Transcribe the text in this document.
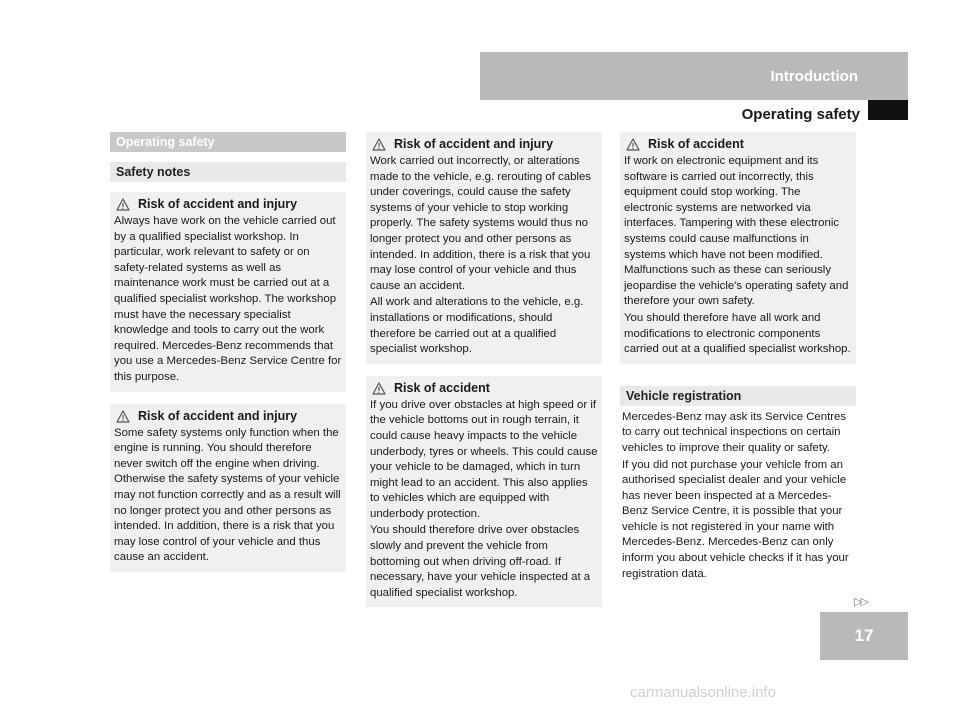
Introduction
Operating safety
Operating safety
Safety notes
Risk of accident and injury

Always have work on the vehicle carried out by a qualified specialist workshop. In particular, work relevant to safety or on safety-related systems as well as maintenance work must be carried out at a qualified specialist workshop. The workshop must have the necessary specialist knowledge and tools to carry out the work required. Mercedes-Benz recommends that you use a Mercedes-Benz Service Centre for this purpose.

Risk of accident and injury

Some safety systems only function when the engine is running. You should therefore never switch off the engine when driving. Otherwise the safety systems of your vehicle may not function correctly and as a result will no longer protect you and other persons as intended. In addition, there is a risk that you may lose control of your vehicle and thus cause an accident.

Risk of accident and injury

Work carried out incorrectly, or alterations made to the vehicle, e.g. rerouting of cables under coverings, could cause the safety systems of your vehicle to stop working properly. The safety systems would thus no longer protect you and other persons as intended. In addition, there is a risk that you may lose control of your vehicle and thus cause an accident.

All work and alterations to the vehicle, e.g. installations or modifications, should therefore be carried out at a qualified specialist workshop.

Risk of accident

If you drive over obstacles at high speed or if the vehicle bottoms out in rough terrain, it could cause heavy impacts to the vehicle underbody, tyres or wheels. This could cause your vehicle to be damaged, which in turn might lead to an accident. This also applies to vehicles which are equipped with underbody protection.

You should therefore drive over obstacles slowly and prevent the vehicle from bottoming out when driving off-road. If necessary, have your vehicle inspected at a qualified specialist workshop.

Risk of accident

If work on electronic equipment and its software is carried out incorrectly, this equipment could stop working. The electronic systems are networked via interfaces. Tampering with these electronic systems could cause malfunctions in systems which have not been modified. Malfunctions such as these can seriously jeopardise the vehicle's operating safety and therefore your own safety.

You should therefore have all work and modifications to electronic components carried out at a qualified specialist workshop.

Vehicle registration

Mercedes-Benz may ask its Service Centres to carry out technical inspections on certain vehicles to improve their quality or safety.

If you did not purchase your vehicle from an authorised specialist dealer and your vehicle has never been inspected at a Mercedes-Benz Service Centre, it is possible that your vehicle is not registered in your name with Mercedes-Benz. Mercedes-Benz can only inform you about vehicle checks if it has your registration data.

▷▷
17
carmanualsonline.info
